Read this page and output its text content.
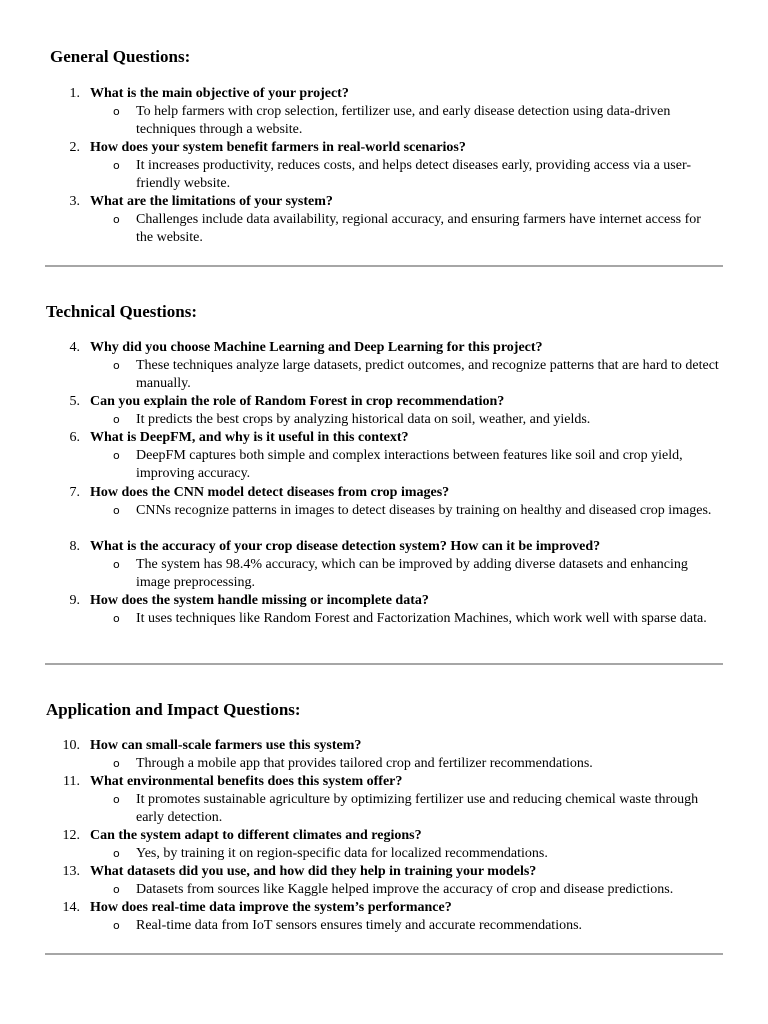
General Questions:
1. What is the main objective of your project?
o To help farmers with crop selection, fertilizer use, and early disease detection using data-driven techniques through a website.
2. How does your system benefit farmers in real-world scenarios?
o It increases productivity, reduces costs, and helps detect diseases early, providing access via a user-friendly website.
3. What are the limitations of your system?
o Challenges include data availability, regional accuracy, and ensuring farmers have internet access for the website.
Technical Questions:
4. Why did you choose Machine Learning and Deep Learning for this project?
o These techniques analyze large datasets, predict outcomes, and recognize patterns that are hard to detect manually.
5. Can you explain the role of Random Forest in crop recommendation?
o It predicts the best crops by analyzing historical data on soil, weather, and yields.
6. What is DeepFM, and why is it useful in this context?
o DeepFM captures both simple and complex interactions between features like soil and crop yield, improving accuracy.
7. How does the CNN model detect diseases from crop images?
o CNNs recognize patterns in images to detect diseases by training on healthy and diseased crop images.
8. What is the accuracy of your crop disease detection system? How can it be improved?
o The system has 98.4% accuracy, which can be improved by adding diverse datasets and enhancing image preprocessing.
9. How does the system handle missing or incomplete data?
o It uses techniques like Random Forest and Factorization Machines, which work well with sparse data.
Application and Impact Questions:
10. How can small-scale farmers use this system?
o Through a mobile app that provides tailored crop and fertilizer recommendations.
11. What environmental benefits does this system offer?
o It promotes sustainable agriculture by optimizing fertilizer use and reducing chemical waste through early detection.
12. Can the system adapt to different climates and regions?
o Yes, by training it on region-specific data for localized recommendations.
13. What datasets did you use, and how did they help in training your models?
o Datasets from sources like Kaggle helped improve the accuracy of crop and disease predictions.
14. How does real-time data improve the system’s performance?
o Real-time data from IoT sensors ensures timely and accurate recommendations.
